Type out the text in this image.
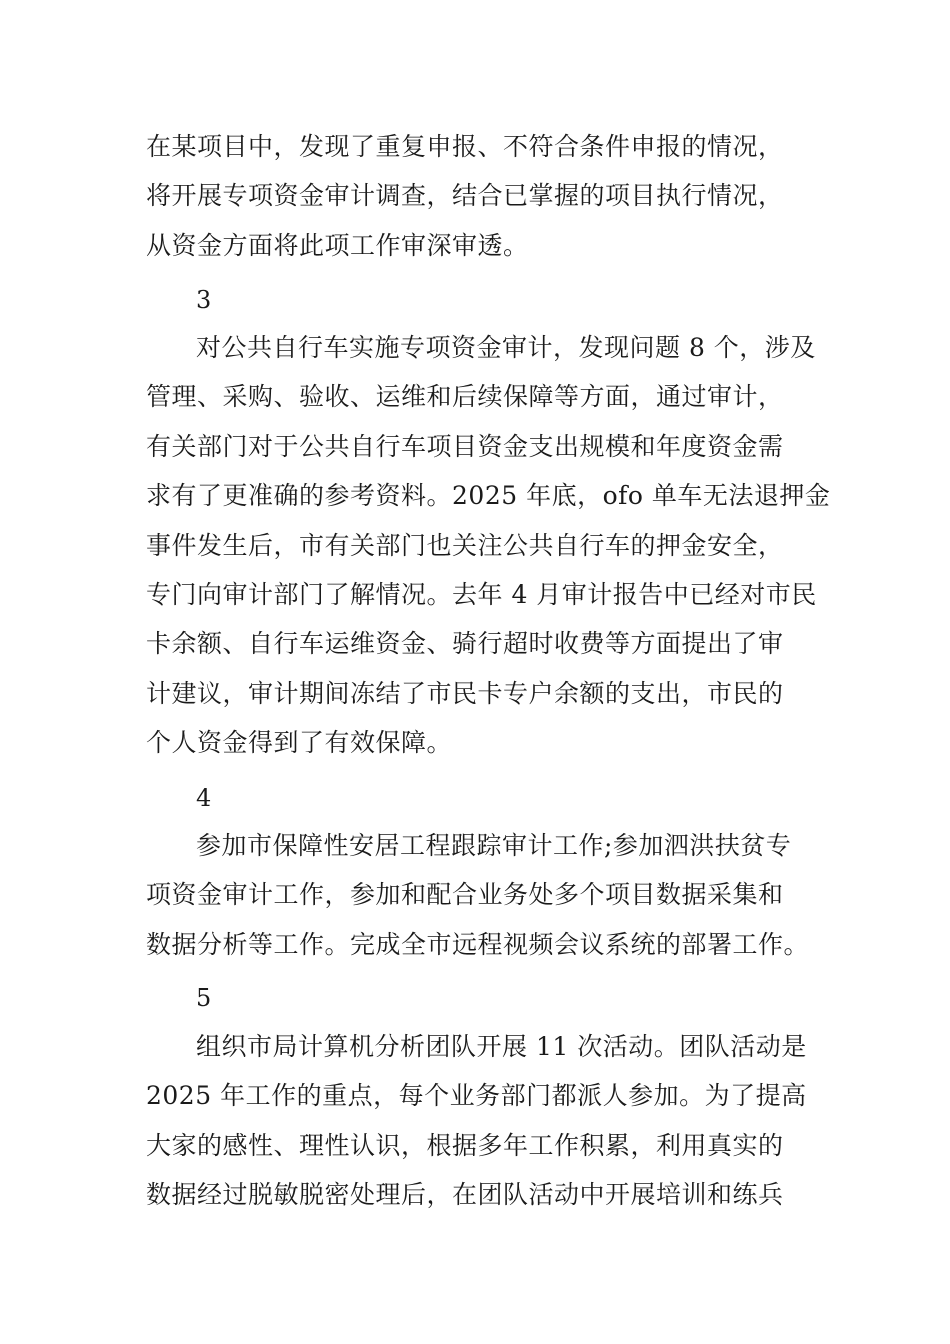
在某项目中，发现了重复申报、不符合条件申报的情况，
将开展专项资金审计调查，结合已掌握的项目执行情况，
从资金方面将此项工作审深审透。
3
对公共自行车实施专项资金审计，发现问题 8 个，涉及
管理、采购、验收、运维和后续保障等方面，通过审计，
有关部门对于公共自行车项目资金支出规模和年度资金需
求有了更准确的参考资料。2025 年底，ofo 单车无法退押金
事件发生后，市有关部门也关注公共自行车的押金安全，
专门向审计部门了解情况。去年 4 月审计报告中已经对市民
卡余额、自行车运维资金、骑行超时收费等方面提出了审
计建议，审计期间冻结了市民卡专户余额的支出，市民的
个人资金得到了有效保障。
4
参加市保障性安居工程跟踪审计工作;参加泗洪扶贫专
项资金审计工作，参加和配合业务处多个项目数据采集和
数据分析等工作。完成全市远程视频会议系统的部署工作。
5
组织市局计算机分析团队开展 11 次活动。团队活动是
2025 年工作的重点，每个业务部门都派人参加。为了提高
大家的感性、理性认识，根据多年工作积累，利用真实的
数据经过脱敏脱密处理后，在团队活动中开展培训和练兵
